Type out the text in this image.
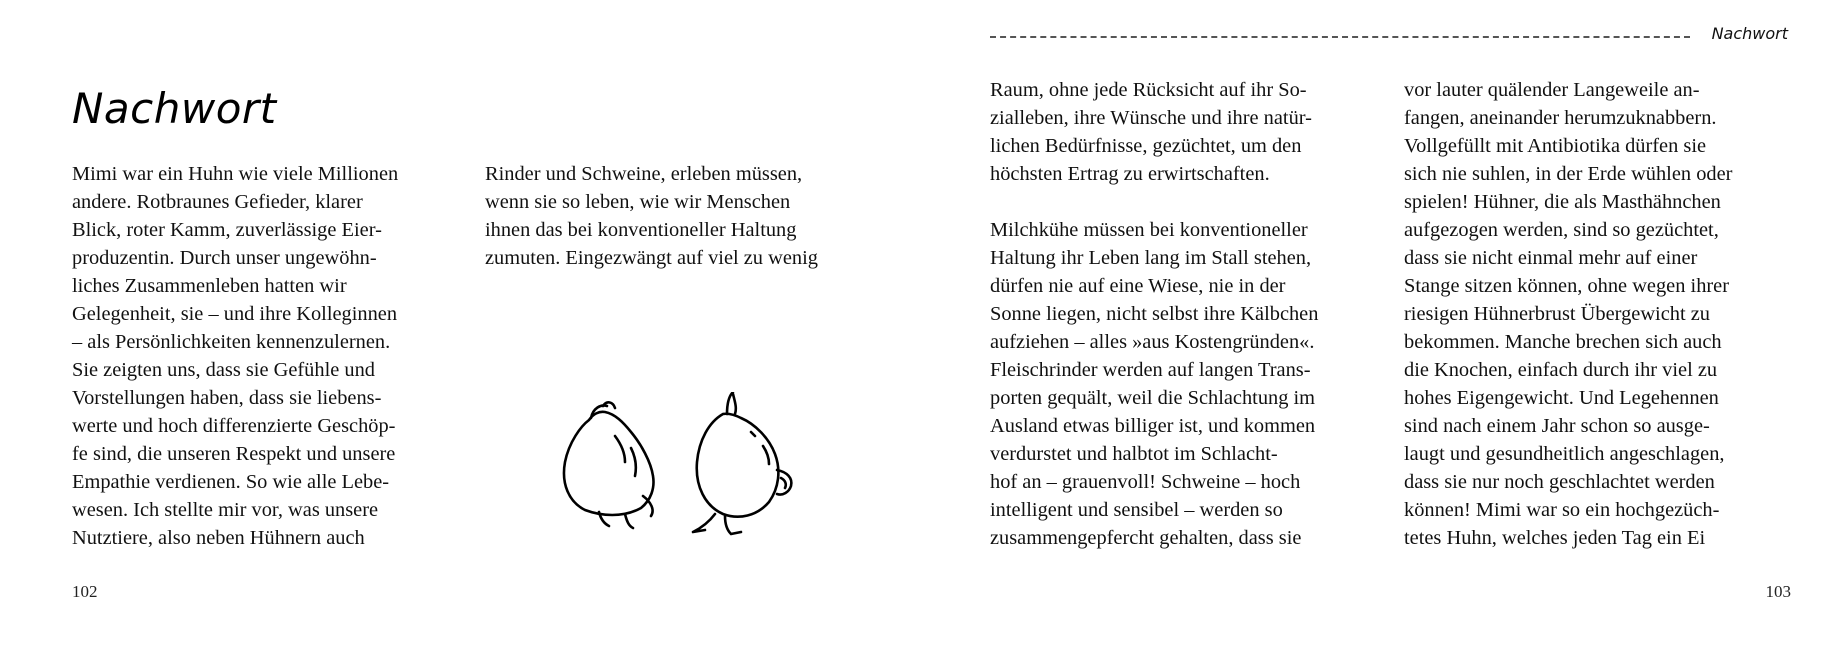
Nachwort
Mimi war ein Huhn wie viele Millionen
andere. Rotbraunes Gefieder, klarer
Blick, roter Kamm, zuverlässige Eier-
produzentin. Durch unser ungewöhn-
liches Zusammenleben hatten wir
Gelegenheit, sie – und ihre Kolleginnen
– als Persönlichkeiten kennenzulernen.
Sie zeigten uns, dass sie Gefühle und
Vorstellungen haben, dass sie liebens-
werte und hoch differenzierte Geschöp-
fe sind, die unseren Respekt und unsere
Empathie verdienen. So wie alle Lebe-
wesen. Ich stellte mir vor, was unsere
Nutztiere, also neben Hühnern auch
Rinder und Schweine, erleben müssen,
wenn sie so leben, wie wir Menschen
ihnen das bei konventioneller Haltung
zumuten. Eingezwängt auf viel zu wenig
102
Nachwort
Raum, ohne jede Rücksicht auf ihr So-
zialleben, ihre Wünsche und ihre natür-
lichen Bedürfnisse, gezüchtet, um den
höchsten Ertrag zu erwirtschaften.
Milchkühe müssen bei konventioneller
Haltung ihr Leben lang im Stall stehen,
dürfen nie auf eine Wiese, nie in der
Sonne liegen, nicht selbst ihre Kälbchen
aufziehen – alles »aus Kostengründen«.
Fleischrinder werden auf langen Trans-
porten gequält, weil die Schlachtung im
Ausland etwas billiger ist, und kommen
verdurstet und halbtot im Schlacht-
hof an – grauenvoll! Schweine – hoch
intelligent und sensibel – werden so
zusammengepfercht gehalten, dass sie
vor lauter quälender Langeweile an-
fangen, aneinander herumzuknabbern.
Vollgefüllt mit Antibiotika dürfen sie
sich nie suhlen, in der Erde wühlen oder
spielen! Hühner, die als Masthähnchen
aufgezogen werden, sind so gezüchtet,
dass sie nicht einmal mehr auf einer
Stange sitzen können, ohne wegen ihrer
riesigen Hühnerbrust Übergewicht zu
bekommen. Manche brechen sich auch
die Knochen, einfach durch ihr viel zu
hohes Eigengewicht. Und Legehennen
sind nach einem Jahr schon so ausge-
laugt und gesundheitlich angeschlagen,
dass sie nur noch geschlachtet werden
können! Mimi war so ein hochgezüch-
tetes Huhn, welches jeden Tag ein Ei
103
